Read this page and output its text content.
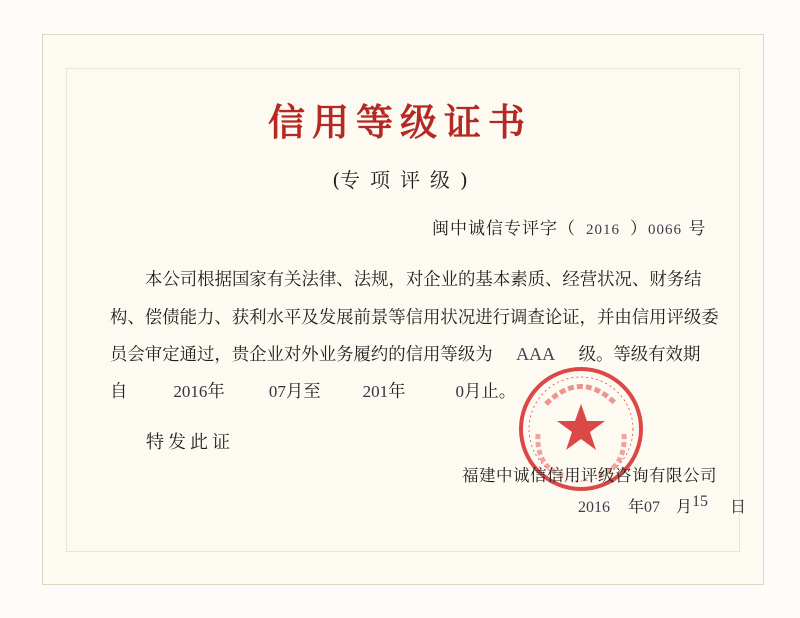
信用等级证书
(专项评级)
闽中诚信专评字（ 2016 ）0066 号
本公司根据国家有关法律、法规，对企业的基本素质、经营状况、财务结
构、偿债能力、获利水平及发展前景等信用状况进行调查论证，并由信用评级委
员会审定通过，贵企业对外业务履约的信用等级为 AAA 级。等级有效期
自	2016年	07月至 201年	0月止。
特发此证
福建中诚信信用评级咨询有限公司
2016 年07 月15 日
